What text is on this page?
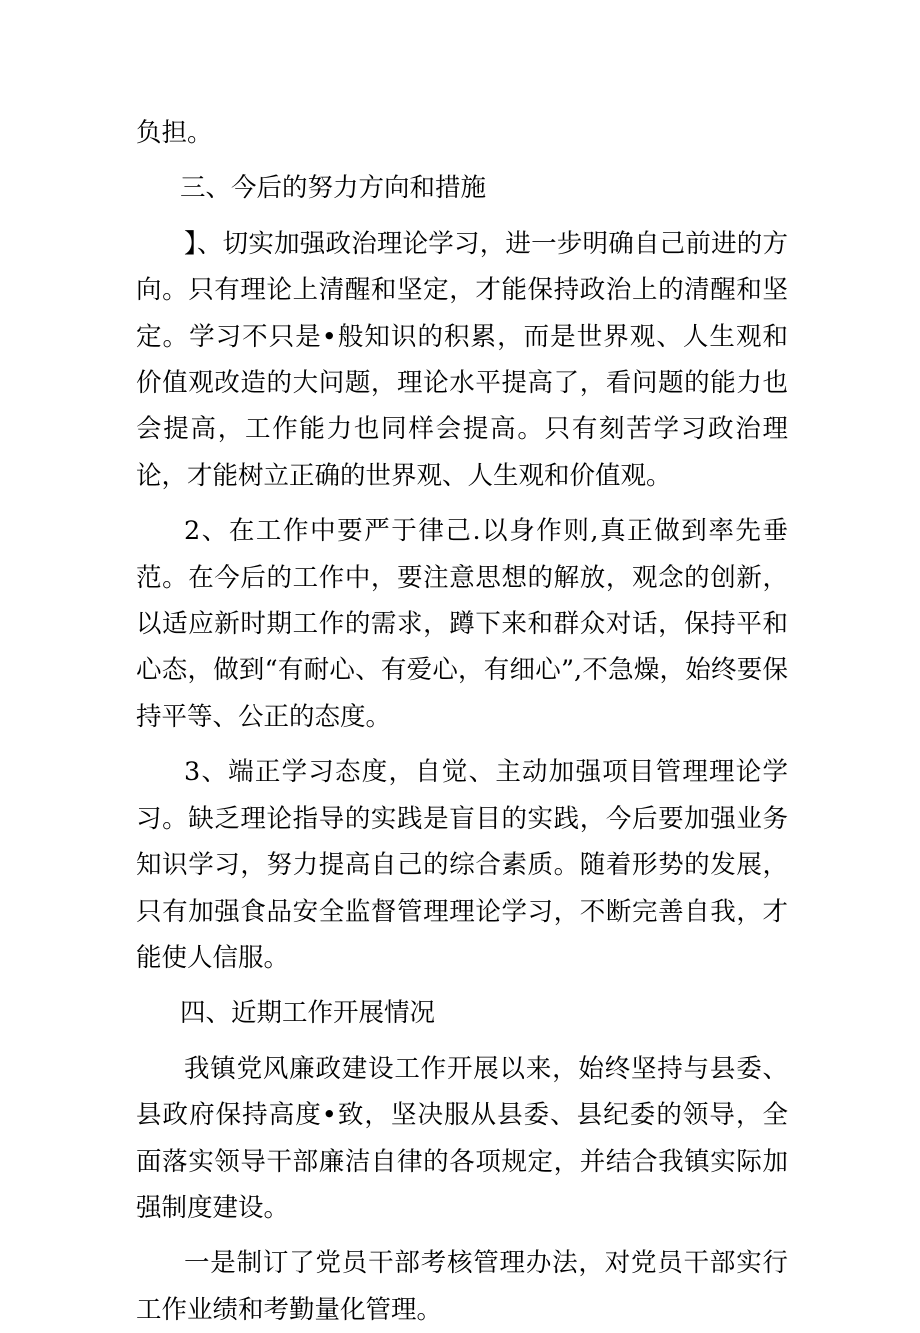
负担。

三、今后的努力方向和措施

】、切实加强政治理论学习，进一步明确自己前进的方向。只有理论上清醒和坚定，才能保持政治上的清醒和坚定。学习不只是•般知识的积累，而是世界观、人生观和价值观改造的大问题，理论水平提高了，看问题的能力也会提高，工作能力也同样会提高。只有刻苦学习政治理论，才能树立正确的世界观、人生观和价值观。

2、在工作中要严于律己.以身作则,真正做到率先垂范。在今后的工作中，要注意思想的解放，观念的创新，以适应新时期工作的需求，蹲下来和群众对话，保持平和心态，做到“有耐心、有爱心，有细心”,不急燥，始终要保持平等、公正的态度。

3、端正学习态度，自觉、主动加强项目管理理论学习。缺乏理论指导的实践是盲目的实践，今后要加强业务知识学习，努力提高自己的综合素质。随着形势的发展，只有加强食品安全监督管理理论学习，不断完善自我，才能使人信服。

四、近期工作开展情况

我镇党风廉政建设工作开展以来，始终坚持与县委、县政府保持高度•致，坚决服从县委、县纪委的领导，全面落实领导干部廉洁自律的各项规定，并结合我镇实际加强制度建设。

一是制订了党员干部考核管理办法，对党员干部实行工作业绩和考勤量化管理。
